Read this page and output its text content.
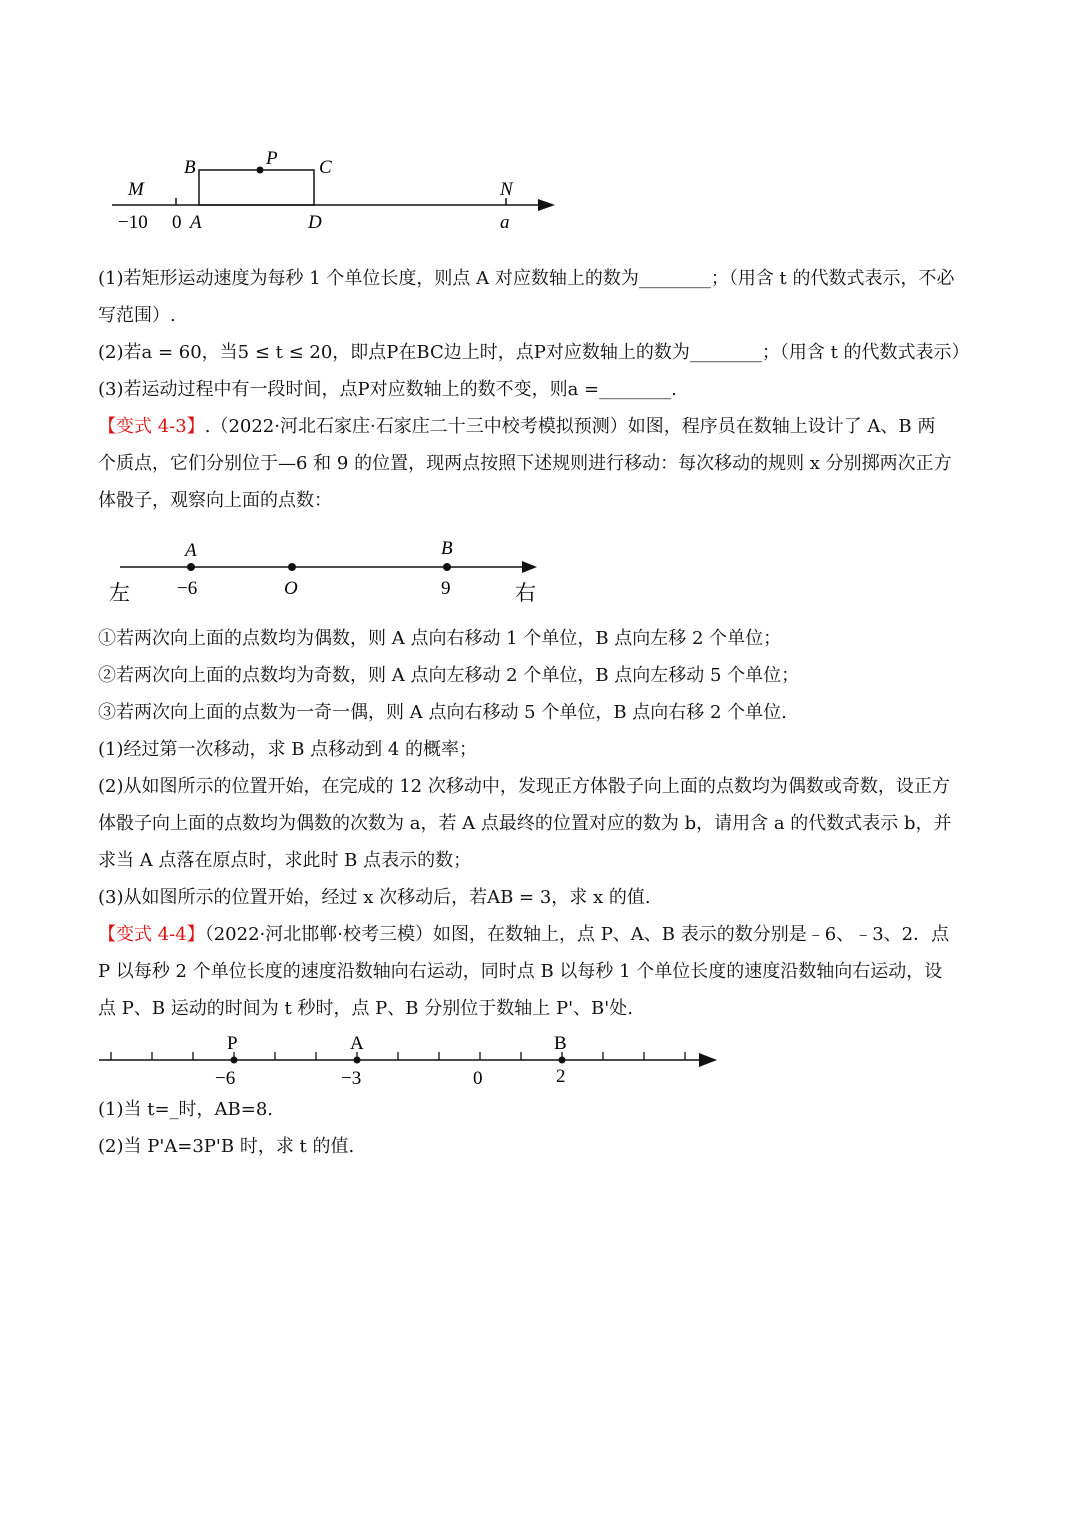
M
B	P C
N
−10 0 A	D	a
(1)若矩形运动速度为每秒 1 个单位长度，则点 A 对应数轴上的数为________；（用含 t 的代数式表示，不必
写范围）.
(2)若a = 60，当5 ≤ t ≤ 20，即点P在BC边上时，点P对应数轴上的数为________；（用含 t 的代数式表示）
(3)若运动过程中有一段时间，点P对应数轴上的数不变，则a =________.
【变式 4-3】.（2022·河北石家庄·石家庄二十三中校考模拟预测）如图，程序员在数轴上设计了 A、B 两
个质点，它们分别位于—6 和 9 的位置，现两点按照下述规则进行移动：每次移动的规则 x 分别掷两次正方
体骰子，观察向上面的点数：
A	B
左 −6	O	9	右
①若两次向上面的点数均为偶数，则 A 点向右移动 1 个单位，B 点向左移 2 个单位；
②若两次向上面的点数均为奇数，则 A 点向左移动 2 个单位，B 点向左移动 5 个单位；
③若两次向上面的点数为一奇一偶，则 A 点向右移动 5 个单位，B 点向右移 2 个单位.
(1)经过第一次移动，求 B 点移动到 4 的概率；
(2)从如图所示的位置开始，在完成的 12 次移动中，发现正方体骰子向上面的点数均为偶数或奇数，设正方
体骰子向上面的点数均为偶数的次数为 a，若 A 点最终的位置对应的数为 b，请用含 a 的代数式表示 b，并
求当 A 点落在原点时，求此时 B 点表示的数；
(3)从如图所示的位置开始，经过 x 次移动后，若AB = 3，求 x 的值.
【变式 4-4】（2022·河北邯郸·校考三模）如图，在数轴上，点 P、A、B 表示的数分别是﹣6、﹣3、2．点
P 以每秒 2 个单位长度的速度沿数轴向右运动，同时点 B 以每秒 1 个单位长度的速度沿数轴向右运动，设
点 P、B 运动的时间为 t 秒时，点 P、B 分别位于数轴上 P'、B'处.
P	A	B
−6	−3	0	2
(1)当 t=_时，AB=8.
(2)当 P'A=3P'B 时，求 t 的值.
